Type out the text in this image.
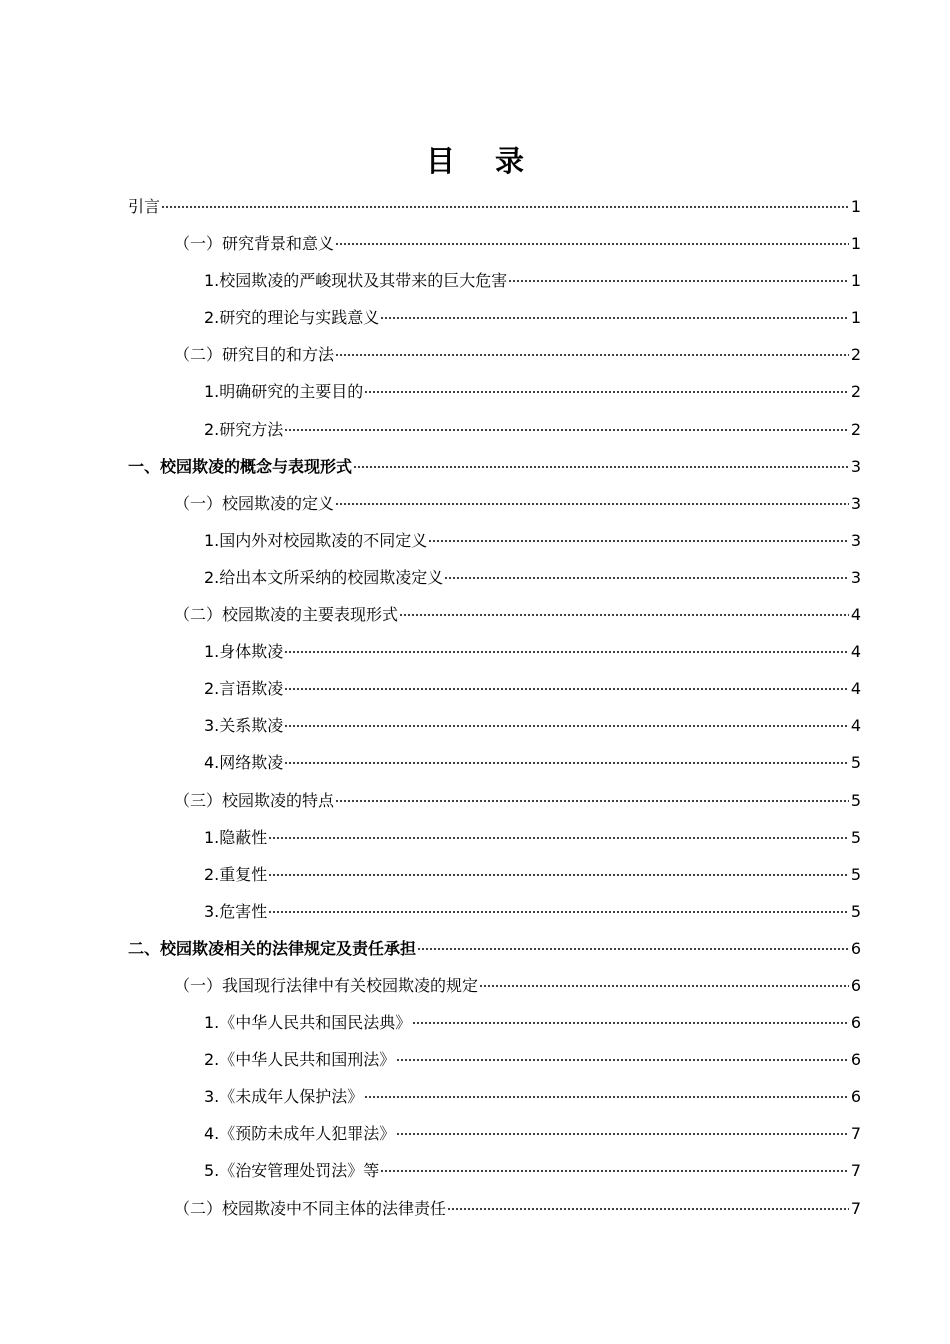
目录
引言	1
（一）研究背景和意义	1
1.校园欺凌的严峻现状及其带来的巨大危害	1
2.研究的理论与实践意义	1
（二）研究目的和方法	2
1.明确研究的主要目的	2
2.研究方法	2
一、校园欺凌的概念与表现形式	3
（一）校园欺凌的定义	3
1.国内外对校园欺凌的不同定义	3
2.给出本文所采纳的校园欺凌定义	3
（二）校园欺凌的主要表现形式	4
1.身体欺凌	4
2.言语欺凌	4
3.关系欺凌	4
4.网络欺凌	5
（三）校园欺凌的特点	5
1.隐蔽性	5
2.重复性	5
3.危害性	5
二、校园欺凌相关的法律规定及责任承担	6
（一）我国现行法律中有关校园欺凌的规定	6
1.《中华人民共和国民法典》	6
2.《中华人民共和国刑法》	6
3.《未成年人保护法》	6
4.《预防未成年人犯罪法》	7
5.《治安管理处罚法》等	7
（二）校园欺凌中不同主体的法律责任	7
